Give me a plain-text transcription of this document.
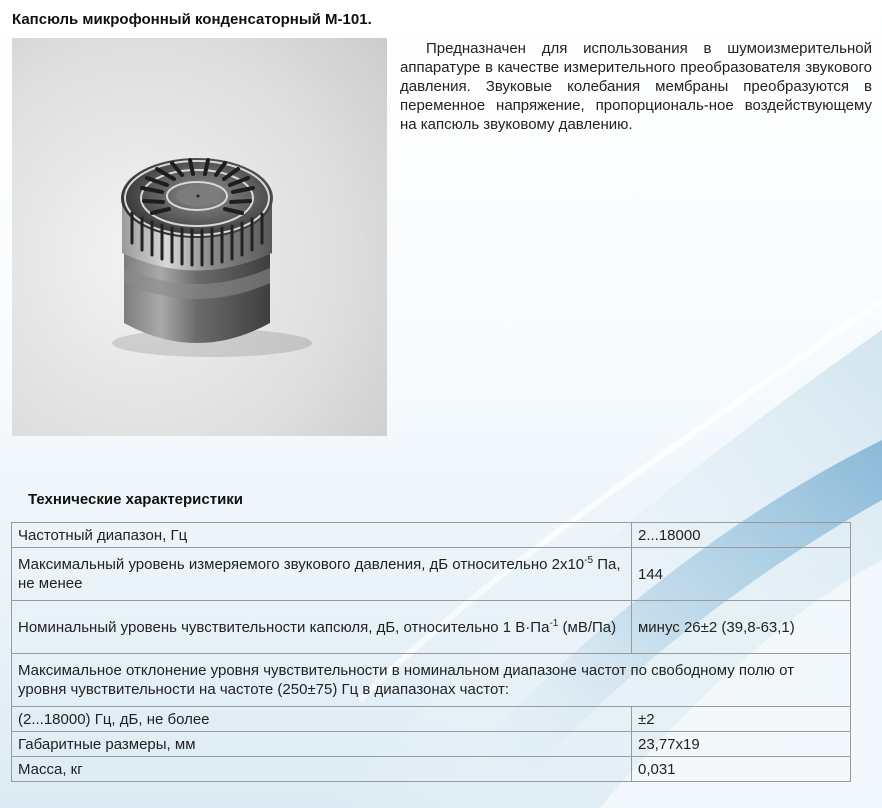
Капсюль микрофонный конденсаторный М-101.

Предназначен для использования в шумоизмерительной аппаратуре в качестве измерительного преобразователя звукового давления. Звуковые колебания мембраны преобразуются в переменное напряжение, пропорциональ-ное воздействующему на капсюль звуковому давлению.

Технические характеристики
Частотный диапазон, Гц	2...18000
Максимальный уровень измеряемого звукового давления, дБ относительно $2х10^{-5}$ Па, не менее	144
Номинальный уровень чувствительности капсюля, дБ, относительно 1 $В\cdot Па^{-1}$ (мВ/Па)	минус 26±2 (39,8-63,1)
Максимальное отклонение уровня чувствительности в номинальном диапазоне частот по свободному полю от уровня чувствительности на частоте (250±75) Гц в диапазонах частот:	
(2...18000) Гц, дБ, не более	±2
Габаритные размеры, мм	23,77х19
Масса, кг	0,031
